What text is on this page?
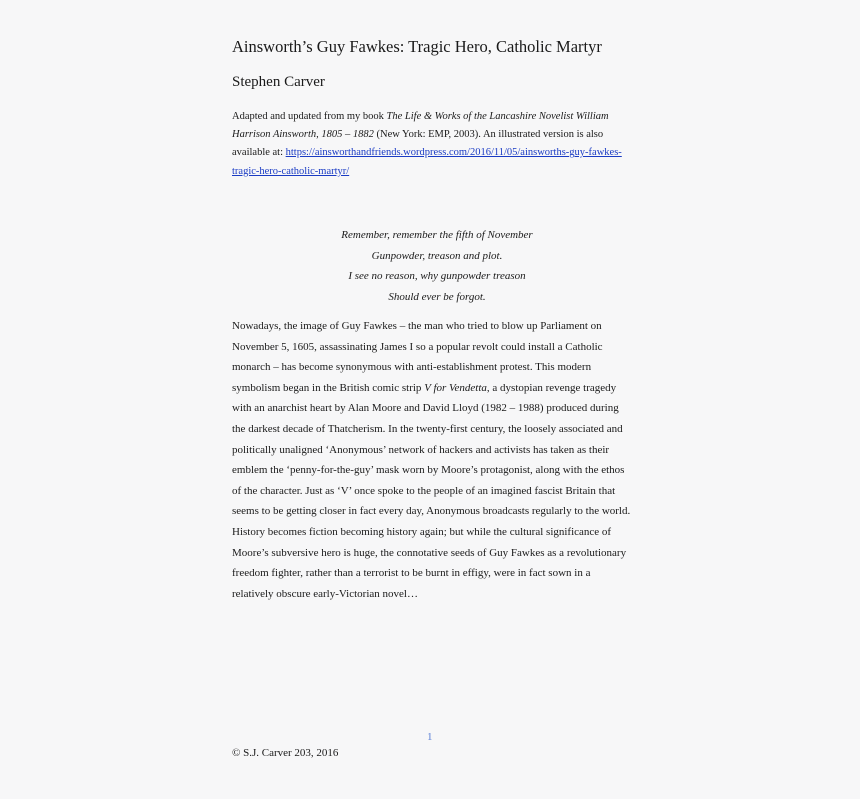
Ainsworth’s Guy Fawkes: Tragic Hero, Catholic Martyr
Stephen Carver

Adapted and updated from my book The Life & Works of the Lancashire Novelist William Harrison Ainsworth, 1805 – 1882 (New York: EMP, 2003). An illustrated version is also available at: https://ainsworthandfriends.wordpress.com/2016/11/05/ainsworths-guy-fawkes-tragic-hero-catholic-martyr/

Remember, remember the fifth of November
Gunpowder, treason and plot.
I see no reason, why gunpowder treason
Should ever be forgot.

Nowadays, the image of Guy Fawkes – the man who tried to blow up Parliament on November 5, 1605, assassinating James I so a popular revolt could install a Catholic monarch – has become synonymous with anti-establishment protest. This modern symbolism began in the British comic strip V for Vendetta, a dystopian revenge tragedy with an anarchist heart by Alan Moore and David Lloyd (1982 – 1988) produced during the darkest decade of Thatcherism. In the twenty-first century, the loosely associated and politically unaligned ‘Anonymous’ network of hackers and activists has taken as their emblem the ‘penny-for-the-guy’ mask worn by Moore’s protagonist, along with the ethos of the character. Just as ‘V’ once spoke to the people of an imagined fascist Britain that seems to be getting closer in fact every day, Anonymous broadcasts regularly to the world. History becomes fiction becoming history again; but while the cultural significance of Moore’s subversive hero is huge, the connotative seeds of Guy Fawkes as a revolutionary freedom fighter, rather than a terrorist to be burnt in effigy, were in fact sown in a relatively obscure early-Victorian novel…

1
© S.J. Carver 203, 2016
